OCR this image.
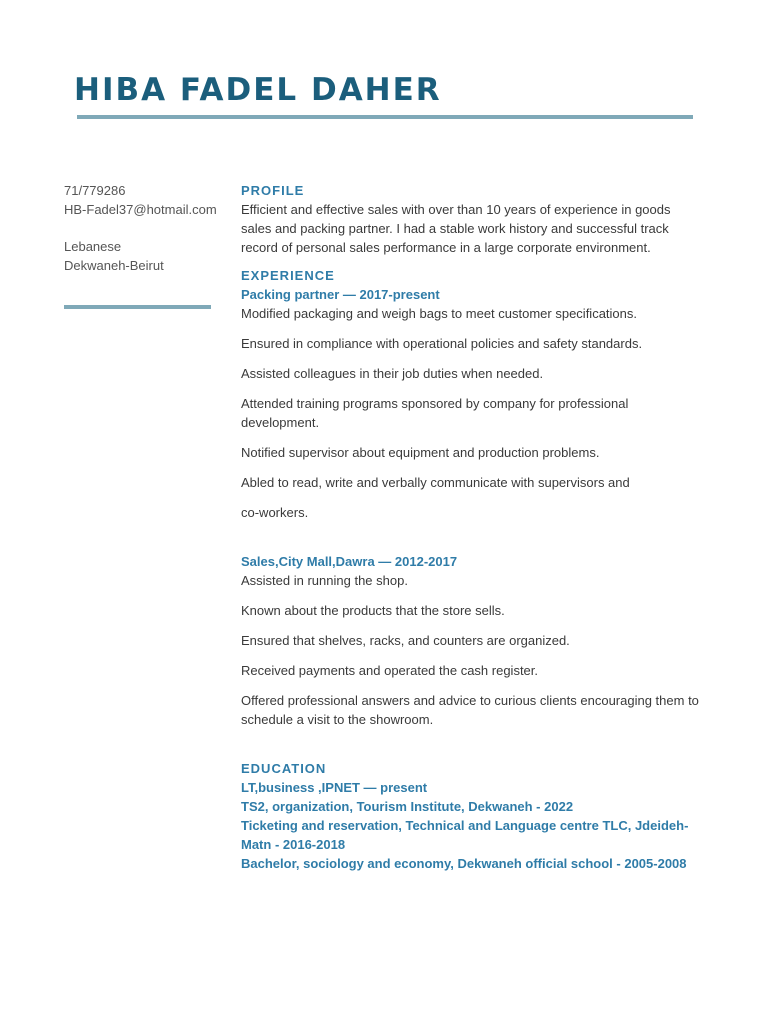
HIBA FADEL DAHER

71/779286

HB-Fadel37@hotmail.com

Lebanese

Dekwaneh-Beirut

PROFILE

Efficient and effective sales with over than 10 years of experience in goods sales and packing partner. I had a stable work history and successful track record of personal sales performance in a large corporate environment.

EXPERIENCE

Packing partner — 2017-present

Modified packaging and weigh bags to meet customer specifications.

Ensured in compliance with operational policies and safety standards.

Assisted colleagues in their job duties when needed.

Attended training programs sponsored by company for professional development.

Notified supervisor about equipment and production problems.

Abled to read, write and verbally communicate with supervisors and

co-workers.

Sales,City Mall,Dawra — 2012-2017

Assisted in running the shop.

Known about the products that the store sells.

Ensured that shelves, racks, and counters are organized.

Received payments and operated the cash register.

Offered professional answers and advice to curious clients encouraging them to schedule a visit to the showroom.

EDUCATION

LT,business ,IPNET — present

TS2, organization, Tourism Institute, Dekwaneh - 2022

Ticketing and reservation, Technical and Language centre TLC, Jdeideh-Matn - 2016-2018

Bachelor, sociology and economy, Dekwaneh official school - 2005-2008
